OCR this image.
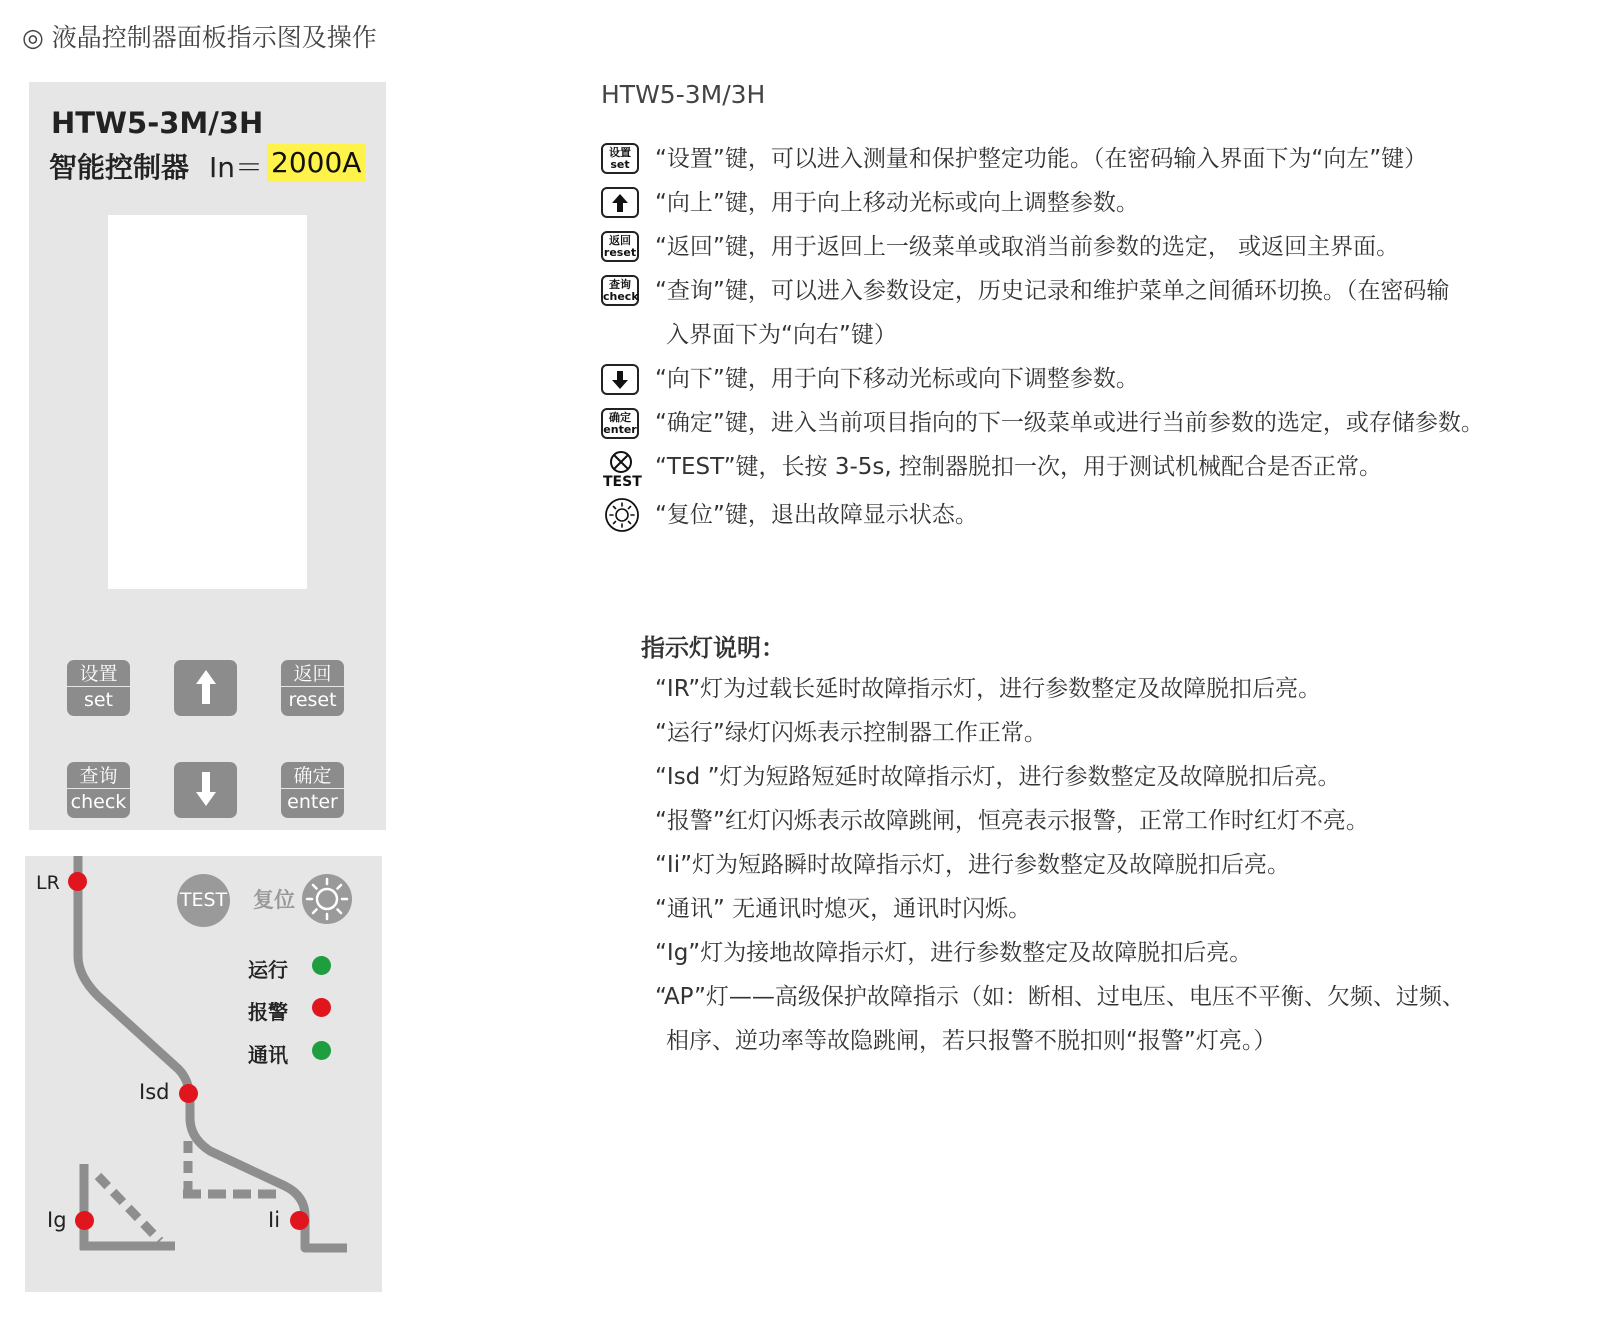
◎ 液晶控制器面板指示图及操作
HTW5-3M/3H
智能控制器 In＝ 2000A
设置
set
返回
reset
查询
check
确定
enter
LR
Isd
Ig	Ii
TEST 复位
运行
报警
通讯
HTW5-3M/3H
设置
set	“设置”键，可以进入测量和保护整定功能。（在密码输入界面下为“向左”键）
“向上”键，用于向上移动光标或向上调整参数。
返回
reset “返回”键，用于返回上一级菜单或取消当前参数的选定， 或返回主界面。
查询
check “查询”键，可以进入参数设定，历史记录和维护菜单之间循环切换。（在密码输
入界面下为“向右”键）
“向下”键，用于向下移动光标或向下调整参数。
确定
enter “确定”键，进入当前项目指向的下一级菜单或进行当前参数的选定，或存储参数。
TEST
“TEST”键，长按 3-5s, 控制器脱扣一次，用于测试机械配合是否正常。
“复位”键，退出故障显示状态。
指示灯说明：
“IR”灯为过载长延时故障指示灯，进行参数整定及故障脱扣后亮。
“运行”绿灯闪烁表示控制器工作正常。
“Isd ”灯为短路短延时故障指示灯，进行参数整定及故障脱扣后亮。
“报警”红灯闪烁表示故障跳闸，恒亮表示报警，正常工作时红灯不亮。
“Ii”灯为短路瞬时故障指示灯，进行参数整定及故障脱扣后亮。
“通讯” 无通讯时熄灭，通讯时闪烁。
“Ig”灯为接地故障指示灯，进行参数整定及故障脱扣后亮。
“AP”灯——高级保护故障指示（如：断相、过电压、电压不平衡、欠频、过频、
相序、逆功率等故隐跳闸，若只报警不脱扣则“报警”灯亮。）
